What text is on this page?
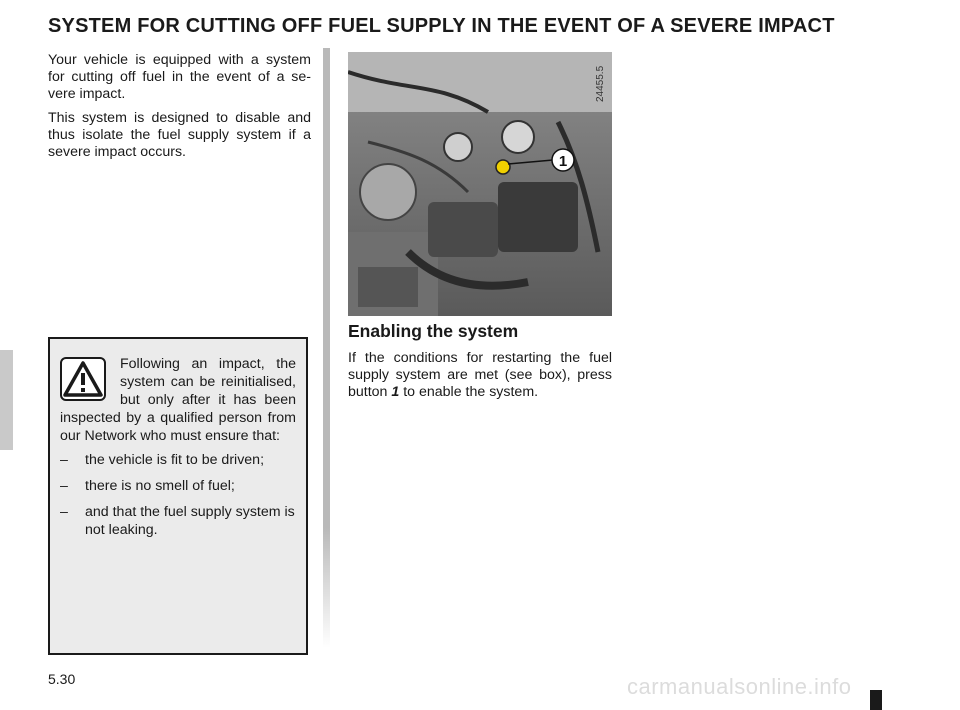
SYSTEM FOR CUTTING OFF FUEL SUPPLY IN THE EVENT OF A SEVERE IMPACT

Your vehicle is equipped with a system for cutting off fuel in the event of a se-vere impact.

This system is designed to disable and thus isolate the fuel supply system if a severe impact occurs.

Following an impact, the system can be reinitialised, but only after it has been inspected by a qualified person from our Network who must ensure that:

– the vehicle is fit to be driven;
– there is no smell of fuel;
– and that the fuel supply system is not leaking.
1
24455.5
Enabling the system
If the conditions for restarting the fuel supply system are met (see box), press button 1 to enable the system.
5.30	carmanualsonline.info
